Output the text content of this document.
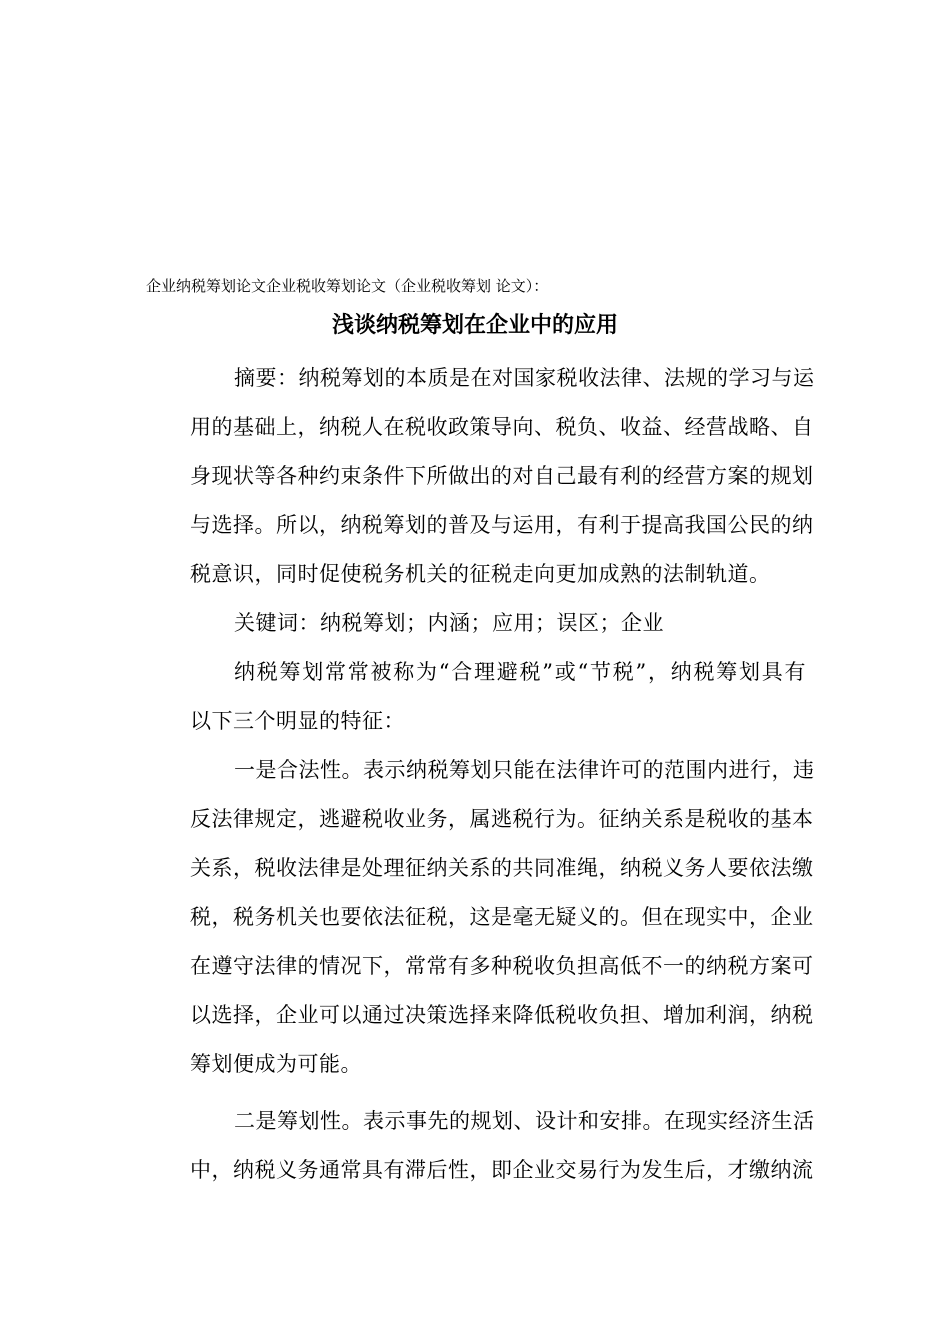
企业纳税筹划论文企业税收筹划论文（企业税收筹划 论文）：
浅谈纳税筹划在企业中的应用
摘要：纳税筹划的本质是在对国家税收法律、法规的学习与运
用的基础上，纳税人在税收政策导向、税负、收益、经营战略、自
身现状等各种约束条件下所做出的对自己最有利的经营方案的规划
与选择。所以，纳税筹划的普及与运用，有利于提高我国公民的纳
税意识，同时促使税务机关的征税走向更加成熟的法制轨道。
关键词：纳税筹划；内涵；应用；误区；企业
纳税筹划常常被称为“合理避税”或“节税”，纳税筹划具有
以下三个明显的特征：
一是合法性。表示纳税筹划只能在法律许可的范围内进行，违
反法律规定，逃避税收业务，属逃税行为。征纳关系是税收的基本
关系，税收法律是处理征纳关系的共同准绳，纳税义务人要依法缴
税，税务机关也要依法征税，这是毫无疑义的。但在现实中，企业
在遵守法律的情况下，常常有多种税收负担高低不一的纳税方案可
以选择，企业可以通过决策选择来降低税收负担、增加利润，纳税
筹划便成为可能。
二是筹划性。表示事先的规划、设计和安排。在现实经济生活
中，纳税义务通常具有滞后性，即企业交易行为发生后，才缴纳流
